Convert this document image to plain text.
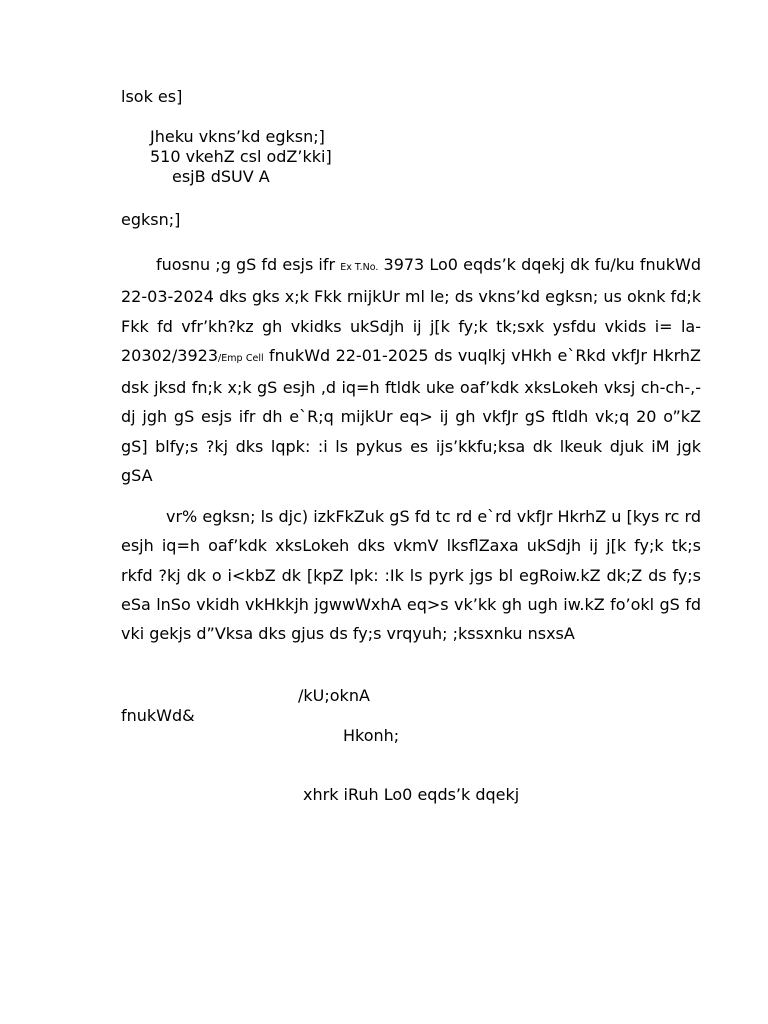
lsok es]
Jheku vkns’kd egksn;]
510 vkehZ csl odZ’kki]
esjB dSUV A
egksn;]
fuosnu ;g gS fd esjs ifr Ex T.No. 3973 Lo0 eqds’k dqekj dk fu/ku fnukWd 22-03-2024 dks gks x;k Fkk rnijkUr ml le; ds vkns’kd egksn; us oknk fd;k Fkk fd vfr’kh?kz gh vkidks ukSdjh ij j[k fy;k tk;sxk ysfdu vkids i= la- 20302/3923/Emp Cell fnukWd 22-01-2025 ds vuqlkj vHkh e`Rkd vkfJr HkrhZ dsk jksd fn;k x;k gS esjh ,d iq=h ftldk uke oaf’kdk xksLokeh vksj ch-ch-,- dj jgh gS esjs ifr dh e`R;q mijkUr eq> ij gh vkfJr gS ftldh vk;q 20 o”kZ gS] blfy;s ?kj dks lqpk: :i ls pykus es ijs’kkfu;ksa dk lkeuk djuk iM jgk gSA
vr% egksn; ls djc) izkFkZuk gS fd tc rd e`rd vkfJr HkrhZ u [kys rc rd esjh iq=h oaf’kdk xksLokeh dks vkmV lksflZaxa ukSdjh ij j[k fy;k tk;s rkfd ?kj dk o i<kbZ dk [kpZ lpk: :Ik ls pyrk jgs bl egRoiw.kZ dk;Z ds fy;s eSa lnSo vkidh vkHkkjh jgwwWxhA eq>s vk’kk gh ugh iw.kZ fo’okl gS fd vki gekjs d”Vksa dks gjus ds fy;s vrqyuh; ;kssxnku nsxsA
/kU;oknA
fnukWd&
Hkonh;
xhrk iRuh Lo0 eqds’k dqekj
